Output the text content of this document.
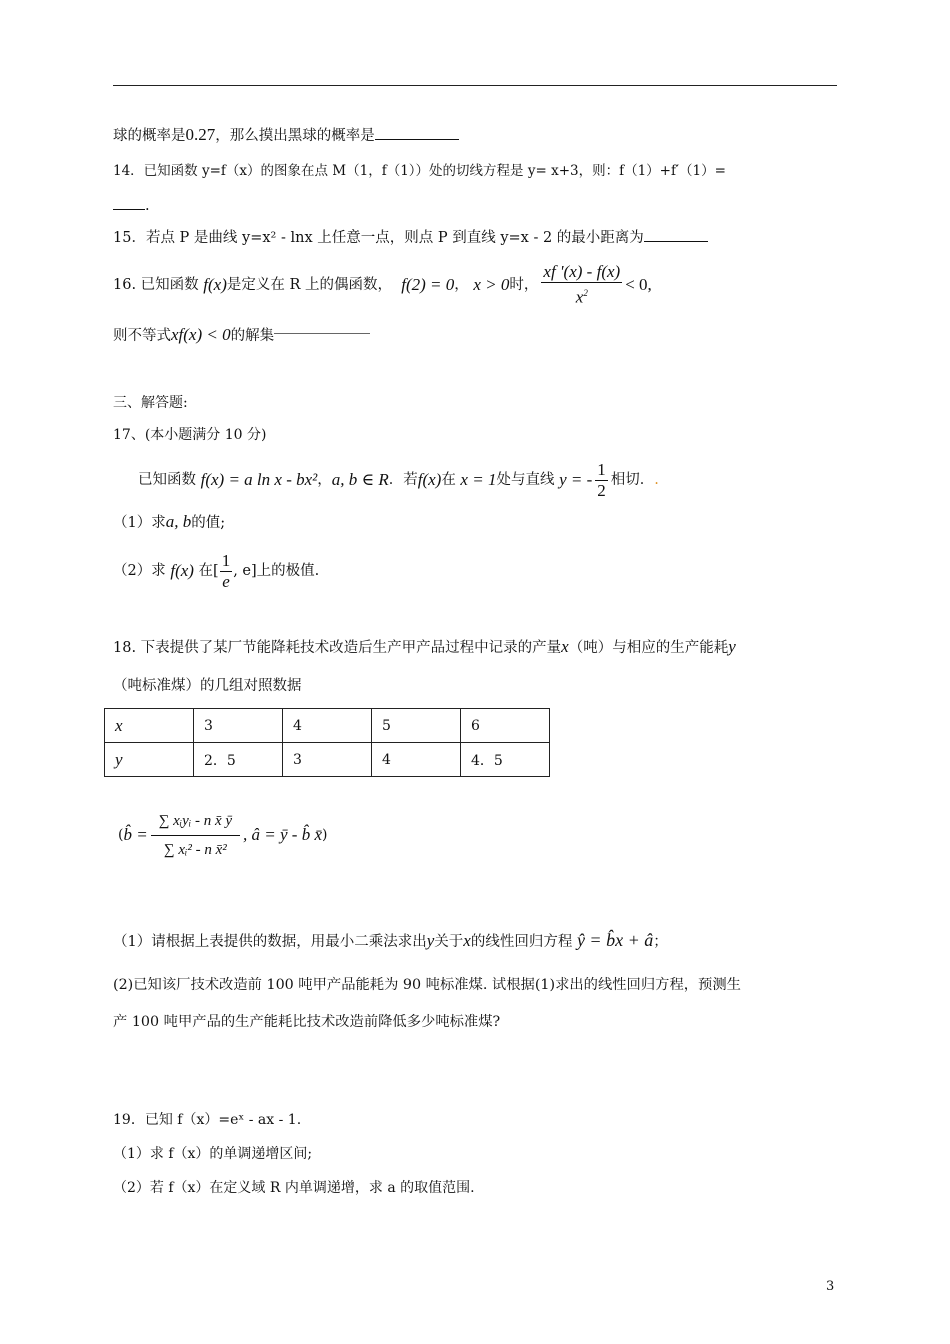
球的概率是0.27，那么摸出黑球的概率是
14．已知函数 y=f（x）的图象在点 M（1，f（1））处的切线方程是 y= x+3，则：f（1）+f′（1）=
.
15．若点 P 是曲线 y=x² - lnx 上任意一点，则点 P 到直线 y=x - 2 的最小距离为
16. 已知函数
f(x) 是定义在 R 上的偶函数，
f(2) = 0 ，
x > 0 时， $\frac{xf '(x) - f(x)}{x^2} < 0$,
则不等式xf(x) < 0的解集
三、解答题:
17、(本小题满分 10 分)
已知函数
f(x) = a ln x - bx² ， a, b ∈ R ．若 f(x) 在
x = 1 处与直线
y = - $\frac{1}{2}$ 相切． .
（1）求a, b的值;
（2）求
f(x)
在[ $\frac{1}{e}$ , e]上的极值.
18. 下表提供了某厂节能降耗技术改造后生产甲产品过程中记录的产量x（吨）与相应的生产能耗y
（吨标准煤）的几组对照数据
x	3	4	5	6
y	2．5	3	4	4．5
( b̂ = $\frac{\text{∑ xᵢyᵢ - n x̄ ȳ}}{\text{∑ xᵢ² - n x̄²}}$ , â = ȳ - b̂ x̄ )
（1）请根据上表提供的数据，用最小二乘法求出y关于x的线性回归方程 ŷ = b̂x + â；
(2)已知该厂技术改造前 100 吨甲产品能耗为 90 吨标准煤. 试根据(1)求出的线性回归方程，预测生
产 100 吨甲产品的生产能耗比技术改造前降低多少吨标准煤?
19．已知 f（x）=eˣ - ax - 1.
（1）求 f（x）的单调递增区间;
（2）若 f（x）在定义域 R 内单调递增，求 a 的取值范围.
3
